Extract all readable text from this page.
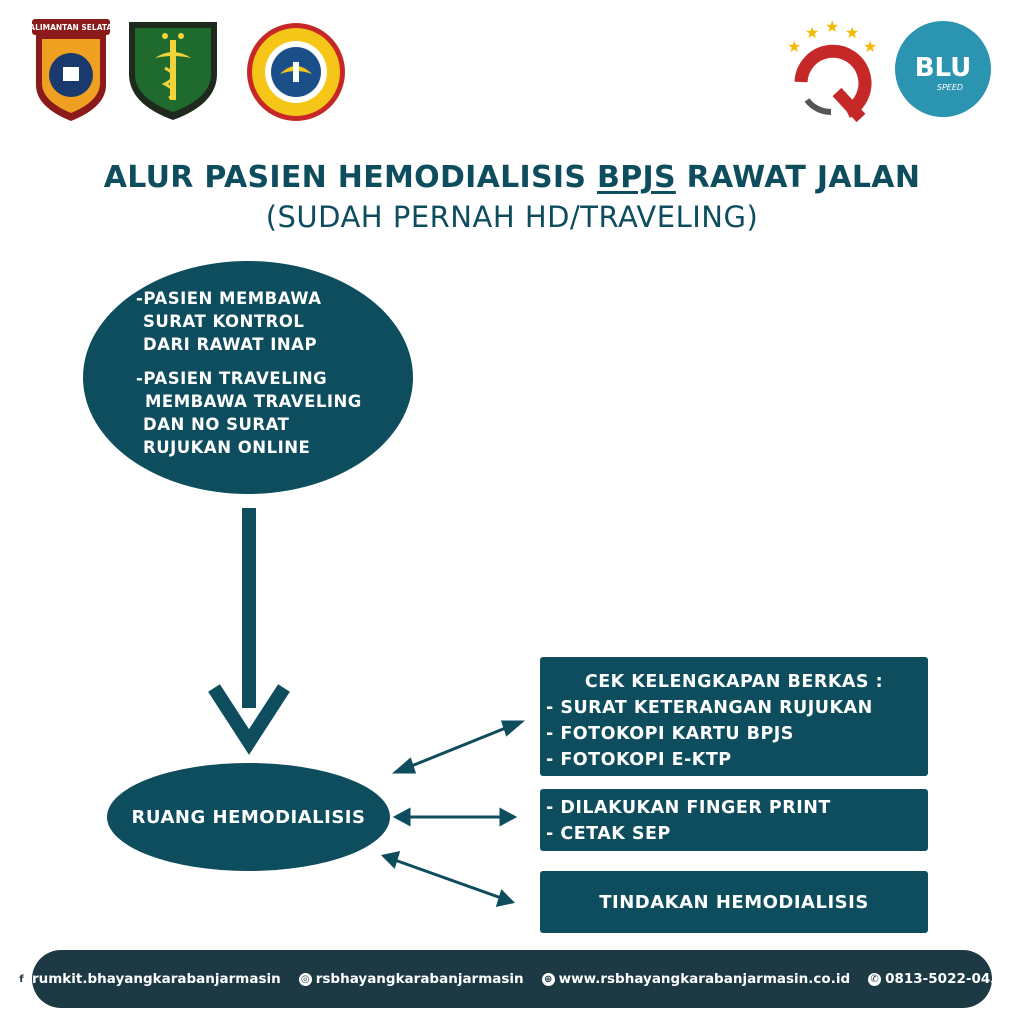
KALIMANTAN SELATAN
★
★ ★ ★
★
BLU
SPEED
ALUR PASIEN HEMODIALISIS BPJS RAWAT JALAN
(SUDAH PERNAH HD/TRAVELING)
-PASIEN MEMBAWA
SURAT KONTROL
DARI RAWAT INAP
-PASIEN TRAVELING
MEMBAWA TRAVELING
DAN NO SURAT
RUJUKAN ONLINE
RUANG HEMODIALISIS
CEK KELENGKAPAN BERKAS :
- SURAT KETERANGAN RUJUKAN
- FOTOKOPI KARTU BPJS
- FOTOKOPI E-KTP
- DILAKUKAN FINGER PRINT
- CETAK SEP
TINDAKAN HEMODIALISIS
f rumkit.bhayangkarabanjarmasin ◎ rsbhayangkarabanjarmasin ⊕ www.rsbhayangkarabanjarmasin.co.id ✆ 0813-5022-0436
